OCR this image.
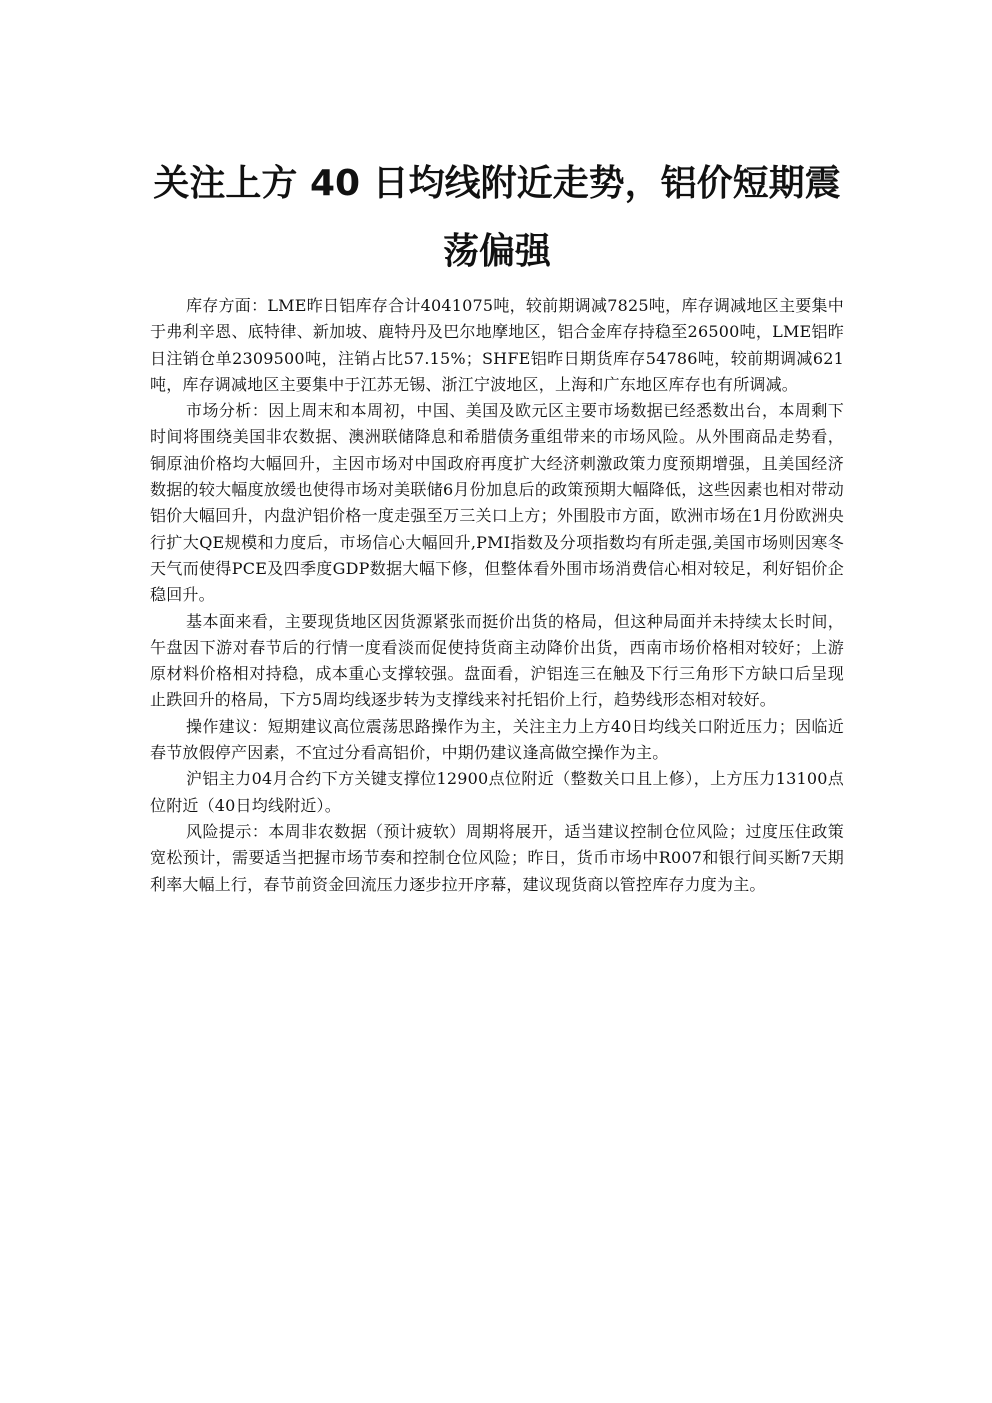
关注上方 40 日均线附近走势，铝价短期震荡偏强

库存方面：LME昨日铝库存合计4041075吨，较前期调减7825吨，库存调减地区主要集中于弗利辛恩、底特律、新加坡、鹿特丹及巴尔地摩地区，铝合金库存持稳至26500吨，LME铝昨日注销仓单2309500吨，注销占比57.15%；SHFE铝昨日期货库存54786吨，较前期调减621吨，库存调减地区主要集中于江苏无锡、浙江宁波地区，上海和广东地区库存也有所调减。

市场分析：因上周末和本周初，中国、美国及欧元区主要市场数据已经悉数出台，本周剩下时间将围绕美国非农数据、澳洲联储降息和希腊债务重组带来的市场风险。从外围商品走势看，铜原油价格均大幅回升，主因市场对中国政府再度扩大经济刺激政策力度预期增强，且美国经济数据的较大幅度放缓也使得市场对美联储6月份加息后的政策预期大幅降低，这些因素也相对带动铝价大幅回升，内盘沪铝价格一度走强至万三关口上方；外围股市方面，欧洲市场在1月份欧洲央行扩大QE规模和力度后，市场信心大幅回升,PMI指数及分项指数均有所走强,美国市场则因寒冬天气而使得PCE及四季度GDP数据大幅下修，但整体看外围市场消费信心相对较足，利好铝价企稳回升。

基本面来看，主要现货地区因货源紧张而挺价出货的格局，但这种局面并未持续太长时间，午盘因下游对春节后的行情一度看淡而促使持货商主动降价出货，西南市场价格相对较好；上游原材料价格相对持稳，成本重心支撑较强。盘面看，沪铝连三在触及下行三角形下方缺口后呈现止跌回升的格局，下方5周均线逐步转为支撑线来衬托铝价上行，趋势线形态相对较好。

操作建议：短期建议高位震荡思路操作为主，关注主力上方40日均线关口附近压力；因临近春节放假停产因素，不宜过分看高铝价，中期仍建议逢高做空操作为主。

沪铝主力04月合约下方关键支撑位12900点位附近（整数关口且上修），上方压力13100点位附近（40日均线附近）。

风险提示：本周非农数据（预计疲软）周期将展开，适当建议控制仓位风险；过度压住政策宽松预计，需要适当把握市场节奏和控制仓位风险；昨日，货币市场中R007和银行间买断7天期利率大幅上行，春节前资金回流压力逐步拉开序幕，建议现货商以管控库存力度为主。
